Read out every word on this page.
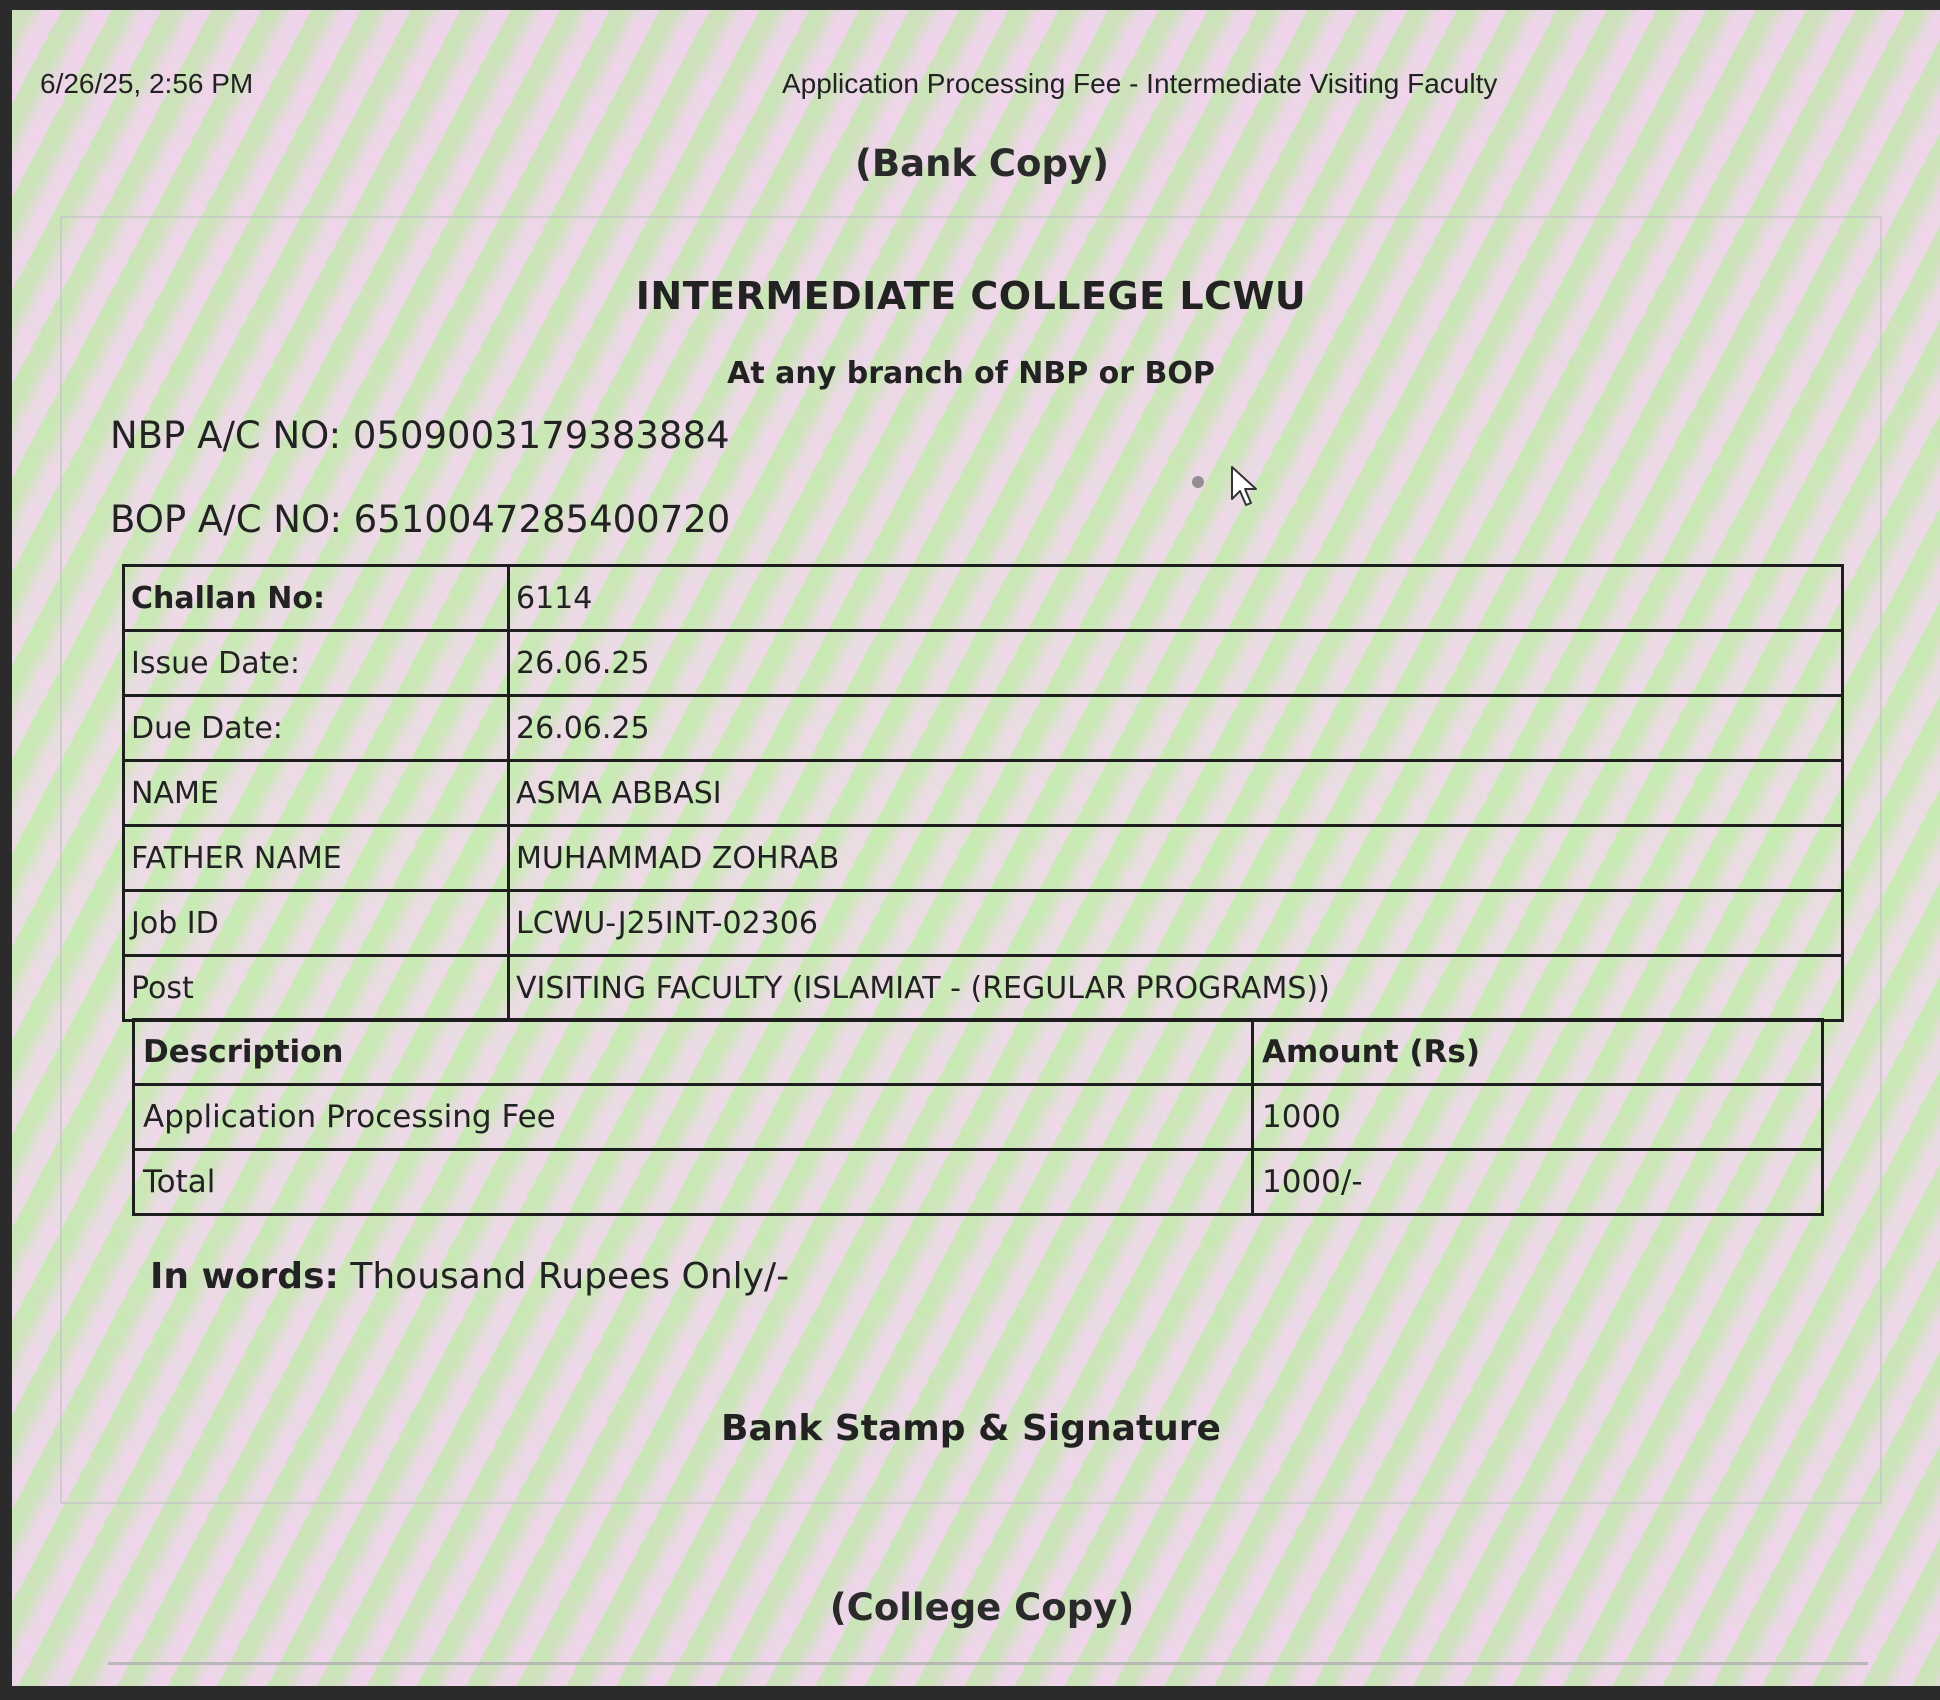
6/26/25, 2:56 PM	Application Processing Fee - Intermediate Visiting Faculty
(Bank Copy)
INTERMEDIATE COLLEGE LCWU
At any branch of NBP or BOP
NBP A/C NO: 0509003179383884
BOP A/C NO: 6510047285400720
Challan No:	6114
Issue Date:	26.06.25
Due Date:	26.06.25
NAME	ASMA ABBASI
FATHER NAME	MUHAMMAD ZOHRAB
Job ID	LCWU-J25INT-02306
Post	VISITING FACULTY (ISLAMIAT - (REGULAR PROGRAMS))
Description	Amount (Rs)
Application Processing Fee	1000
Total	1000/-
In words: Thousand Rupees Only/-
Bank Stamp & Signature
(College Copy)
